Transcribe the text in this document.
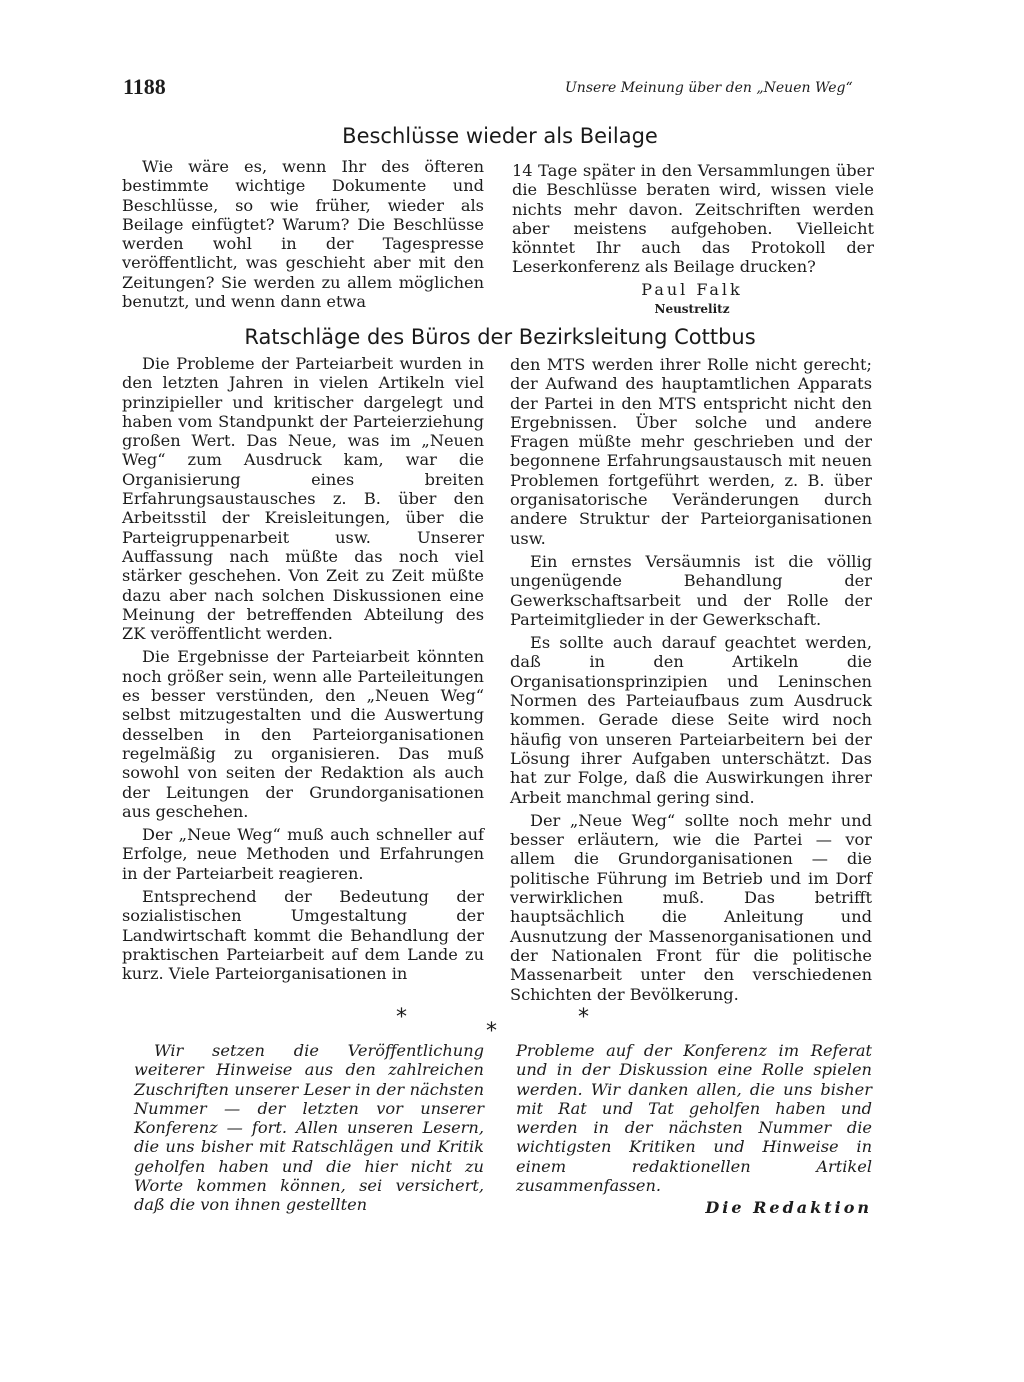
1188	Unsere Meinung über den „Neuen Weg“
Beschlüsse wieder als Beilage

Wie wäre es, wenn Ihr des öfteren bestimmte wichtige Dokumente und Beschlüsse, so wie früher, wieder als Beilage einfügtet? Warum? Die Beschlüsse werden wohl in der Tagespresse veröffentlicht, was geschieht aber mit den Zeitungen? Sie werden zu allem möglichen benutzt, und wenn dann etwa

14 Tage später in den Versammlungen über die Beschlüsse beraten wird, wissen viele nichts mehr davon. Zeitschriften werden aber meistens aufgehoben. Vielleicht könntet Ihr auch das Protokoll der Leserkonferenz als Beilage drucken?

Paul Falk
Neustrelitz
Ratschläge des Büros der Bezirksleitung Cottbus

Die Probleme der Parteiarbeit wurden in den letzten Jahren in vielen Artikeln viel prinzipieller und kritischer dargelegt und haben vom Standpunkt der Parteierziehung großen Wert. Das Neue, was im „Neuen Weg“ zum Ausdruck kam, war die Organisierung eines breiten Erfahrungsaustausches z. B. über den Arbeitsstil der Kreisleitungen, über die Parteigruppenarbeit usw. Unserer Auffassung nach müßte das noch viel stärker geschehen. Von Zeit zu Zeit müßte dazu aber nach solchen Diskussionen eine Meinung der betreffenden Abteilung des ZK veröffentlicht werden.

Die Ergebnisse der Parteiarbeit könnten noch größer sein, wenn alle Parteileitungen es besser verstünden, den „Neuen Weg“ selbst mitzugestalten und die Auswertung desselben in den Parteiorganisationen regelmäßig zu organisieren. Das muß sowohl von seiten der Redaktion als auch der Leitungen der Grundorganisationen aus geschehen.

Der „Neue Weg“ muß auch schneller auf Erfolge, neue Methoden und Erfahrungen in der Parteiarbeit reagieren.

Entsprechend der Bedeutung der sozialistischen Umgestaltung der Landwirtschaft kommt die Behandlung der praktischen Parteiarbeit auf dem Lande zu kurz. Viele Parteiorganisationen in

den MTS werden ihrer Rolle nicht gerecht; der Aufwand des hauptamtlichen Apparats der Partei in den MTS entspricht nicht den Ergebnissen. Über solche und andere Fragen müßte mehr geschrieben und der begonnene Erfahrungsaustausch mit neuen Problemen fortgeführt werden, z. B. über organisatorische Veränderungen durch andere Struktur der Parteiorganisationen usw.

Ein ernstes Versäumnis ist die völlig ungenügende Behandlung der Gewerkschaftsarbeit und der Rolle der Parteimitglieder in der Gewerkschaft.

Es sollte auch darauf geachtet werden, daß in den Artikeln die Organisationsprinzipien und Leninschen Normen des Parteiaufbaus zum Ausdruck kommen. Gerade diese Seite wird noch häufig von unseren Parteiarbeitern bei der Lösung ihrer Aufgaben unterschätzt. Das hat zur Folge, daß die Auswirkungen ihrer Arbeit manchmal gering sind.

Der „Neue Weg“ sollte noch mehr und besser erläutern, wie die Partei — vor allem die Grundorganisationen — die politische Führung im Betrieb und im Dorf verwirklichen muß. Das betrifft hauptsächlich die Anleitung und Ausnutzung der Massenorganisationen und der Nationalen Front für die politische Massenarbeit unter den verschiedenen Schichten der Bevölkerung.

*
*
*

Wir setzen die Veröffentlichung weiterer Hinweise aus den zahlreichen Zuschriften unserer Leser in der nächsten Nummer — der letzten vor unserer Konferenz — fort. Allen unseren Lesern, die uns bisher mit Ratschlägen und Kritik geholfen haben und die hier nicht zu Worte kommen können, sei versichert, daß die von ihnen gestellten

Probleme auf der Konferenz im Referat und in der Diskussion eine Rolle spielen werden. Wir danken allen, die uns bisher mit Rat und Tat geholfen haben und werden in der nächsten Nummer die wichtigsten Kritiken und Hinweise in einem redaktionellen Artikel zusammenfassen.

Die Redaktion
